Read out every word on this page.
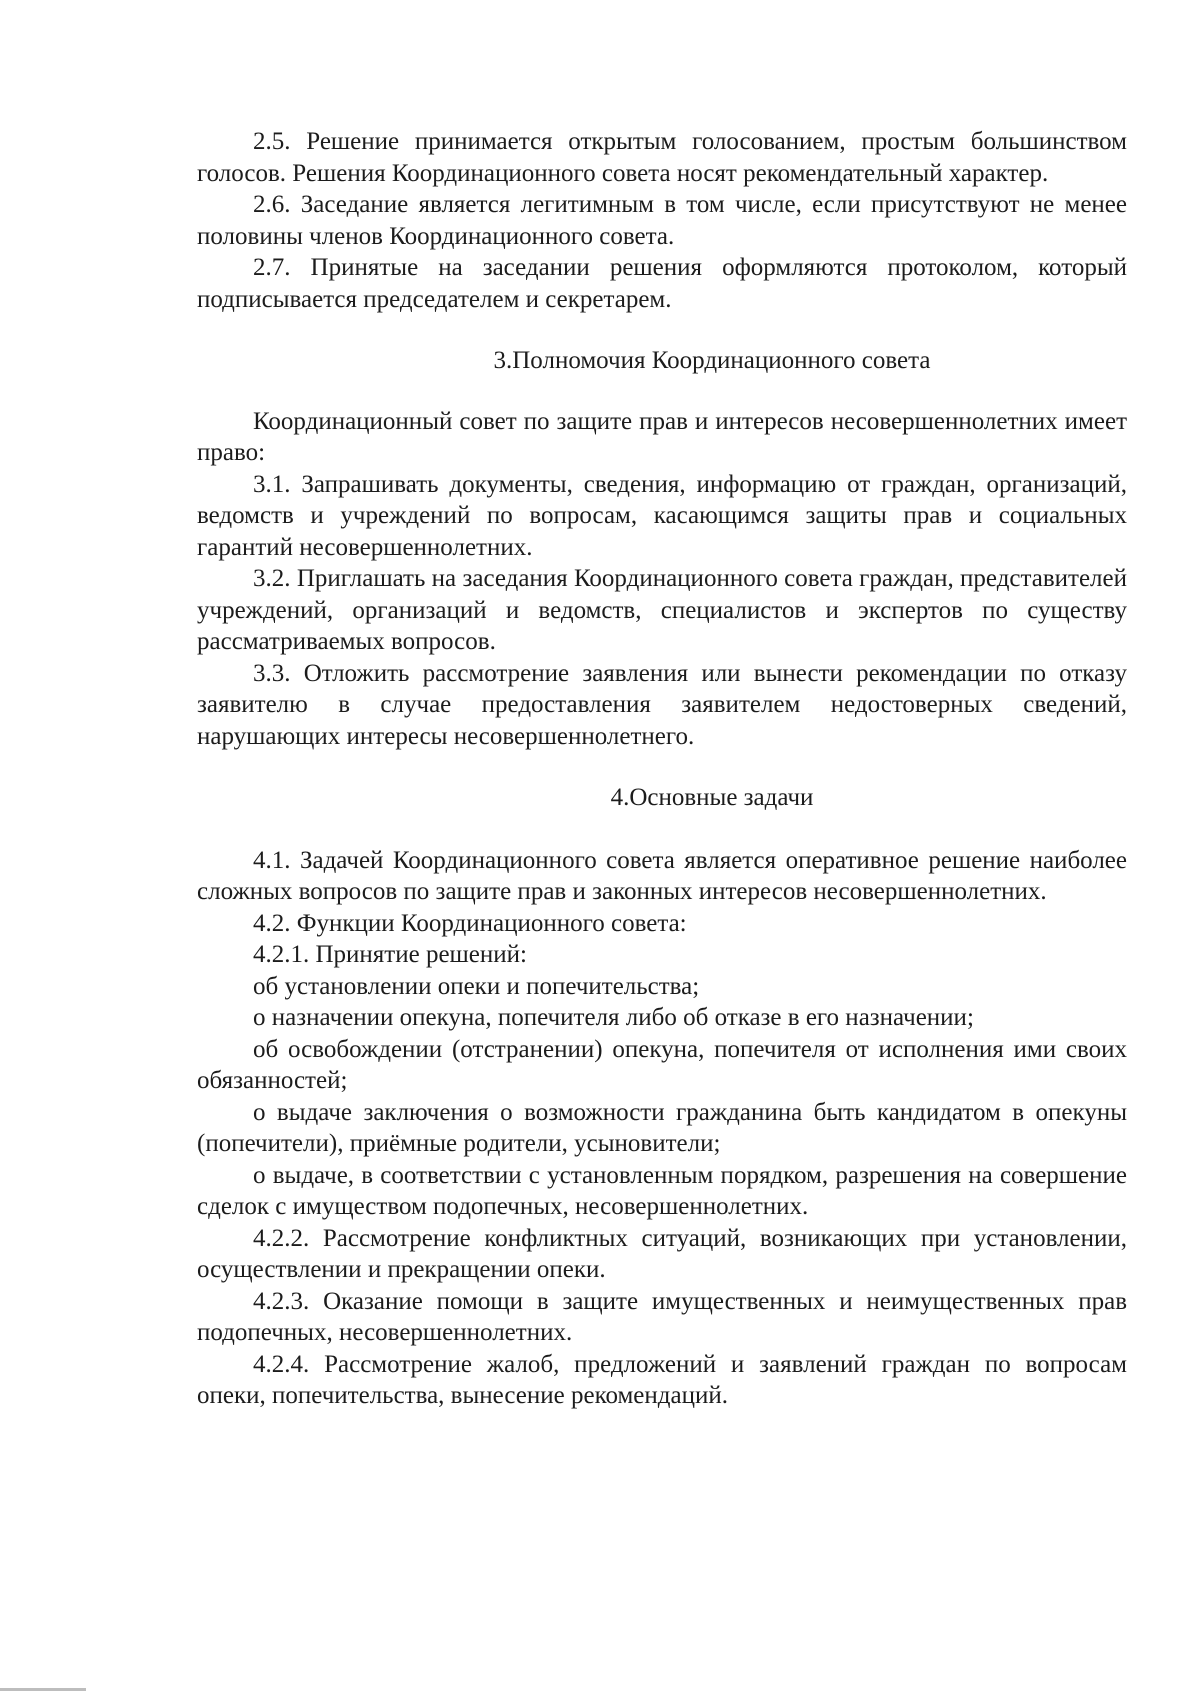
2.5. Решение принимается открытым голосованием, простым большинством голосов. Решения Координационного совета носят рекомендательный характер.

2.6. Заседание является легитимным в том числе, если присутствуют не менее половины членов Координационного совета.

2.7. Принятые на заседании решения оформляются протоколом, который подписывается председателем и секретарем.

3.Полномочия Координационного совета

Координационный совет по защите прав и интересов несовершеннолетних имеет право:

3.1. Запрашивать документы, сведения, информацию от граждан, организаций, ведомств и учреждений по вопросам, касающимся защиты прав и социальных гарантий несовершеннолетних.

3.2. Приглашать на заседания Координационного совета граждан, представителей учреждений, организаций и ведомств, специалистов и экспертов по существу рассматриваемых вопросов.

3.3. Отложить рассмотрение заявления или вынести рекомендации по отказу заявителю в случае предоставления заявителем недостоверных сведений, нарушающих интересы несовершеннолетнего.

4.Основные задачи

4.1. Задачей Координационного совета является оперативное решение наиболее сложных вопросов по защите прав и законных интересов несовершеннолетних.

4.2. Функции Координационного совета:

4.2.1. Принятие решений:

об установлении опеки и попечительства;

о назначении опекуна, попечителя либо об отказе в его назначении;

об освобождении (отстранении) опекуна, попечителя от исполнения ими своих обязанностей;

о выдаче заключения о возможности гражданина быть кандидатом в опекуны (попечители), приёмные родители, усыновители;

о выдаче, в соответствии с установленным порядком, разрешения на совершение сделок с имуществом подопечных, несовершеннолетних.

4.2.2. Рассмотрение конфликтных ситуаций, возникающих при установлении, осуществлении и прекращении опеки.

4.2.3. Оказание помощи в защите имущественных и неимущественных прав подопечных, несовершеннолетних.

4.2.4. Рассмотрение жалоб, предложений и заявлений граждан по вопросам опеки, попечительства, вынесение рекомендаций.
